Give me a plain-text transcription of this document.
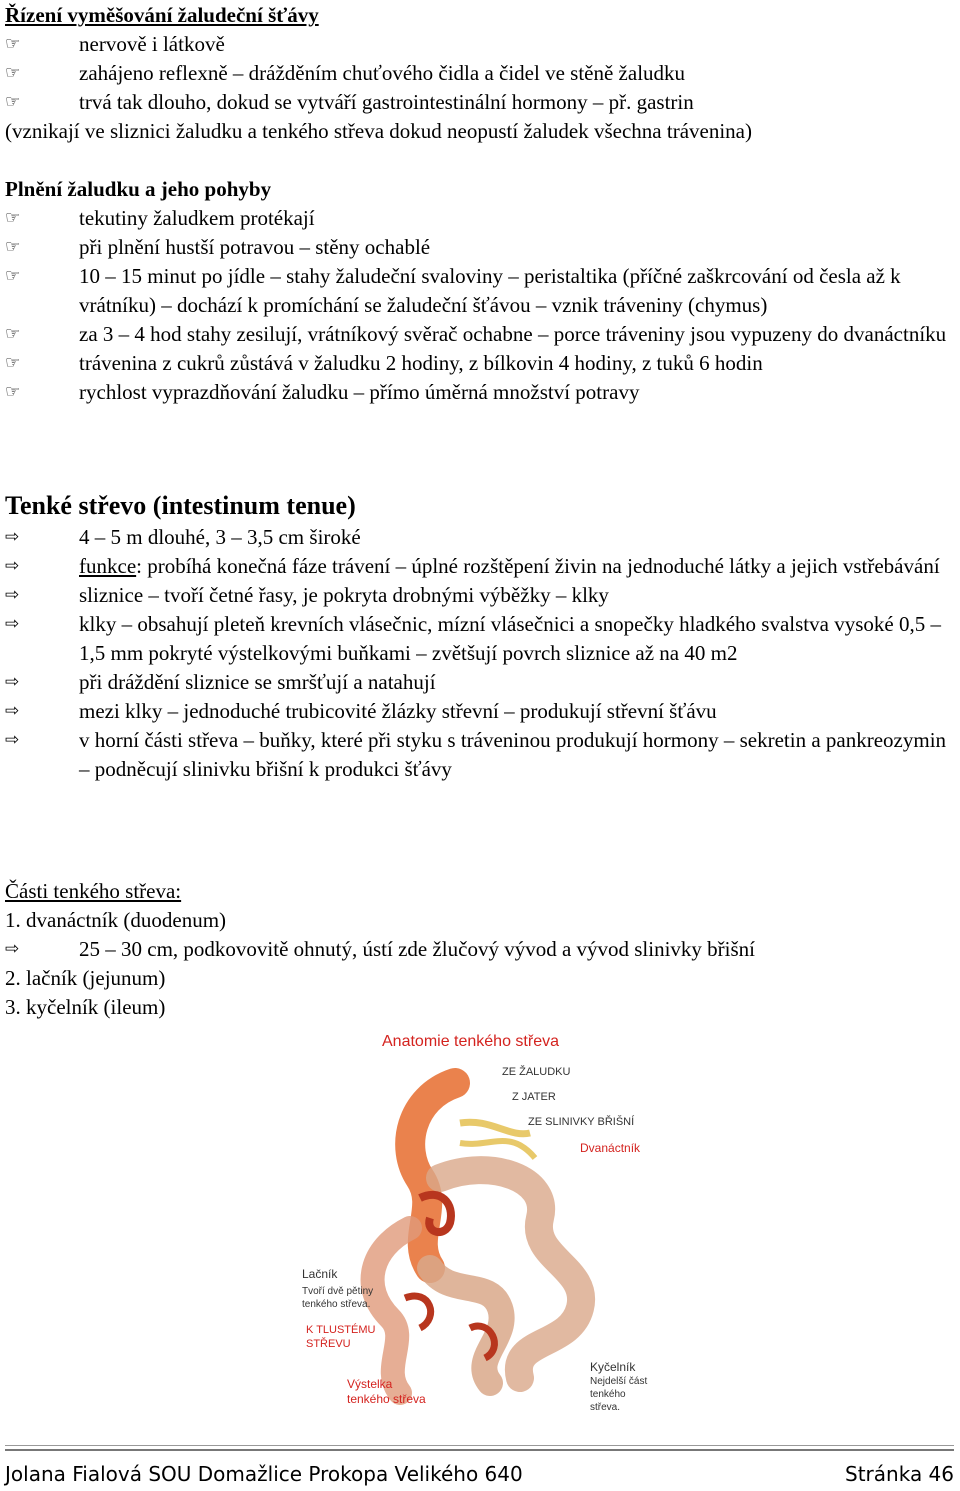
Řízení vyměšování žaludeční šťávy
☞	nervově i látkově
☞	zahájeno reflexně – drážděním chuťového čidla a čidel ve stěně žaludku
☞	trvá tak dlouho, dokud se vytváří gastrointestinální hormony – př. gastrin
(vznikají ve sliznici žaludku a tenkého střeva dokud neopustí žaludek všechna trávenina)
Plnění žaludku a jeho pohyby
☞	tekutiny žaludkem protékají
☞	při plnění hustší potravou – stěny ochablé
☞	10 – 15 minut po jídle – stahy žaludeční svaloviny – peristaltika (příčné zaškrcování od česla až k vrátníku) – dochází k promíchání se žaludeční šťávou – vznik tráveniny (chymus)
☞	za 3 – 4 hod stahy zesilují, vrátníkový svěrač ochabne – porce tráveniny jsou vypuzeny do dvanáctníku
☞	trávenina z cukrů zůstává v žaludku 2 hodiny, z bílkovin 4 hodiny, z tuků 6 hodin
☞	rychlost vyprazdňování žaludku – přímo úměrná množství potravy
Tenké střevo (intestinum tenue)
⇨	4 – 5 m dlouhé, 3 – 3,5 cm široké
⇨	funkce: probíhá konečná fáze trávení – úplné rozštěpení živin na jednoduché látky a jejich vstřebávání
⇨	sliznice – tvoří četné řasy, je pokryta drobnými výběžky – klky
⇨	klky – obsahují pleteň krevních vlásečnic, mízní vlásečnici a snopečky hladkého svalstva vysoké 0,5 – 1,5 mm pokryté výstelkovými buňkami – zvětšují povrch sliznice až na 40 m2
⇨	při dráždění sliznice se smršťují a natahují
⇨	mezi klky – jednoduché trubicovité žlázky střevní – produkují střevní šťávu
⇨	v horní části střeva – buňky, které při styku s tráveninou produkují hormony – sekretin a pankreozymin – podněcují slinivku břišní k produkci šťávy
Části tenkého střeva:
1. dvanáctník (duodenum)
⇨	25 – 30 cm, podkovovitě ohnutý, ústí zde žlučový vývod a vývod slinivky břišní
2. lačník (jejunum)
3. kyčelník (ileum)
Anatomie tenkého střeva
ZE ŽALUDKU
Z JATER
ZE SLINIVKY BŘIŠNÍ
Dvanáctník
Lačník
Tvoří dvě pětiny
tenkého střeva.
K TLUSTÉMU
STŘEVU
Výstelka
tenkého střeva
Kyčelník
Nejdelší část
tenkého
střeva.
Jolana Fialová SOU Domažlice Prokopa Velikého 640	Stránka 46
